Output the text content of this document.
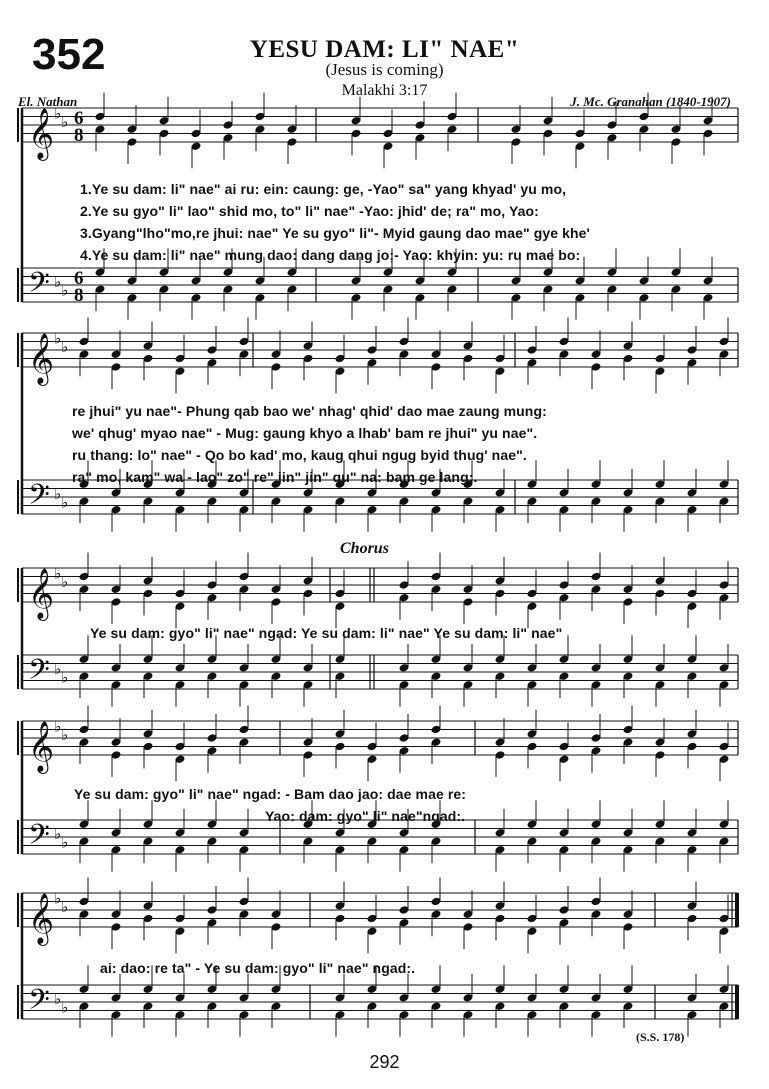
352	YESU DAM: LI" NAE"
(Jesus is coming)
Malakhi 3:17
El. Nathan	J. Mc. Granahan (1840-1907)
𝄞
𝄢
♭ ♭
♭ ♭
6
8
6
8
𝄞
𝄢
♭ ♭
♭ ♭
𝄞
𝄢
♭ ♭
♭ ♭
𝄞
𝄢
♭ ♭
♭ ♭
𝄞
𝄢
♭ ♭
♭ ♭
Chorus
1.Ye su dam: li" nae" ai ru: ein: caung: ge, -Yao" sa" yang khyad' yu mo,
2.Ye su gyo" li" lao" shid mo, to" li" nae" -Yao: jhid' de; ra" mo, Yao:
3.Gyang"lho"mo,re jhui: nae" Ye su gyo" li"- Myid gaung dao mae" gye khe'
4.Ye su dam: li" nae" mung dao: dang dang jo;- Yao: khyin: yu: ru mae bo:
re jhui" yu nae"- Phung qab bao we' nhag' qhid' dao mae zaung mung:
we' qhug' myao nae" - Mug: gaung khyo a lhab' bam re jhui" yu nae".
ru thang: lo" nae" - Qo bo kad' mo, kaug qhui ngug byid thug' nae".
ra" mo, kam" wa - lao" zo" re" jin" jin" qu" na: bam ge lang:.
Ye su dam: gyo" li" nae" ngad: Ye su dam: li" nae" Ye su dam: li" nae"
Ye su dam: gyo" li" nae" ngad: - Bam dao jao: dae mae re:
Yao: dam: gyo" li" nae"ngad:.
ai: dao: re ta" - Ye su dam: gyo" li" nae" ngad:.
(S.S. 178)
292
